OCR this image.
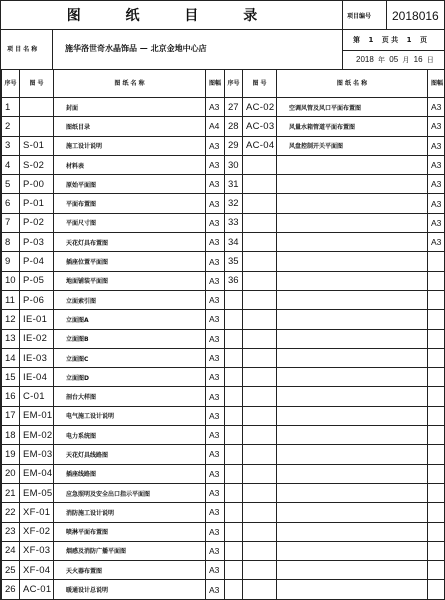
图 纸 目 录	项目编号 2018016
项 目 名 称	施华洛世奇水晶饰品 — 北京金地中心店
第 1 页 共 1 页
2018 年 05 月 16 日
序号	图 号	图 纸 名 称	图幅	序号	图 号	图 纸 名 称	图幅
1		封面	A3	27	AC-02	空调风管及风口平面布置图	A3
2		图纸目录	A4	28	AC-03	风量水箱管道平面布置图	A3
3	S-01	施工设计说明	A3	29	AC-04	风盘控制开关平面图	A3
4	S-02	材料表	A3	30			A3
5	P-00	原始平面图	A3	31			A3
6	P-01	平面布置图	A3	32			A3
7	P-02	平面尺寸图	A3	33			A3
8	P-03	天花灯具布置图	A3	34			A3
9	P-04	插座位置平面图	A3	35			
10	P-05	地面铺装平面图	A3	36			
11	P-06	立面索引图	A3				
12	IE-01	立面图A	A3				
13	IE-02	立面图B	A3				
14	IE-03	立面图C	A3				
15	IE-04	立面图D	A3				
16	C-01	剖台大样图	A3				
17	EM-01	电气施工设计说明	A3				
18	EM-02	电力系统图	A3				
19	EM-03	天花灯具线路图	A3				
20	EM-04	插座线路图	A3				
21	EM-05	应急照明及安全出口指示平面图	A3				
22	XF-01	消防施工设计说明	A3				
23	XF-02	喷淋平面布置图	A3				
24	XF-03	烟感及消防广播平面图	A3				
25	XF-04	天火器布置图	A3				
26	AC-01	暖通设计总说明	A3				
